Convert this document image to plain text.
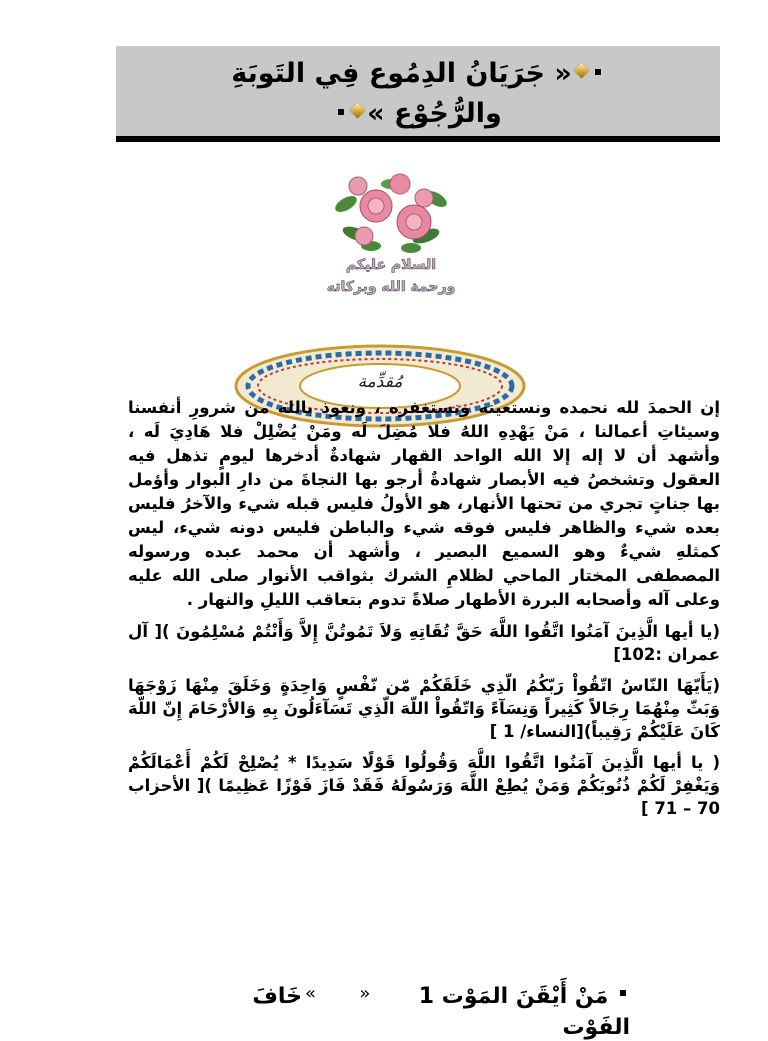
« جَرَيَانُ الدِمُوع فِي التَوبَةِ
والرُّجُوْع »
السلام عليكم
ورحمة الله وبركاته
مُقدِّمة

إن الحمدَ لله نحمده ونستعينه ونستغفره ، ونعوذ بالله من شرورِ أنفسنا وسيئاتِ أعمالنا ، مَنْ يَهْدِهِ اللهُ فلا مُضِلَ لَه ومَنْ يُضْلِلْ فلا هَادِيَ لَه ، وأشهد أن لا إله إلا الله الواحد القهار شهادةٌ أدخرها ليومٍ تذهل فيه العقول وتشخصُ فيه الأبصار شهادةٌ أرجو بها النجاةَ من دارِ البوار وأؤمل بها جناتٍ تجري من تحتها الأنهار، هو الأولُ فليس قبله شيء والآخرُ فليس بعده شيء والظاهر فليس فوقه شيء والباطن فليس دونه شيء، ليس كمثلهِ شيءٌ وهو السميع البصير ، وأشهد أن محمد عبده ورسوله المصطفى المختار الماحي لظلامِ الشرك بثواقب الأنوار صلى الله عليه وعلى آله وأصحابه البررة الأطهار صلاةً تدوم بتعاقب الليلِ والنهار .

(يا أيها الَّذِينَ آمَنُوا اتَّقُوا اللَّهَ حَقَّ تُقَاتِهِ وَلاَ تَمُوتُنَّ إِلاَّ وَأَنْتُمْ مُسْلِمُونَ )[ آل عمران :102]

(يَأَيّهَا النّاسُ اتّقُواْ رَبّكُمُ الّذِي خَلَقَكُمْ مّن نّفْسٍ وَاحِدَةٍ وَخَلَقَ مِنْهَا زَوْجَهَا وَبَثّ مِنْهُمَا رِجَالاً كَثِيراً وَنِسَآءً وَاتّقُواْ اللّهَ الّذِي تَسَآءَلُونَ بِهِ وَالأرْحَامَ إِنّ اللّهَ كَانَ عَلَيْكُمْ رَقِيباً)[النساء/ 1 ]

( يا أيها الَّذِينَ آمَنُوا اتَّقُوا اللَّهَ وَقُولُوا قَوْلًا سَدِيدًا * يُصْلِحْ لَكُمْ أَعْمَالَكُمْ وَيَغْفِرْ لَكُمْ ذُنُوبَكُمْ وَمَنْ يُطِعْ اللَّهَ وَرَسُولَهُ فَقَدْ فَازَ فَوْزًا عَظِيمًا )[ الأحزاب 70 – 71 ]

مَنْ أَيْقَنَ المَوْت 1  «  »خَافَ
الفَوْت
